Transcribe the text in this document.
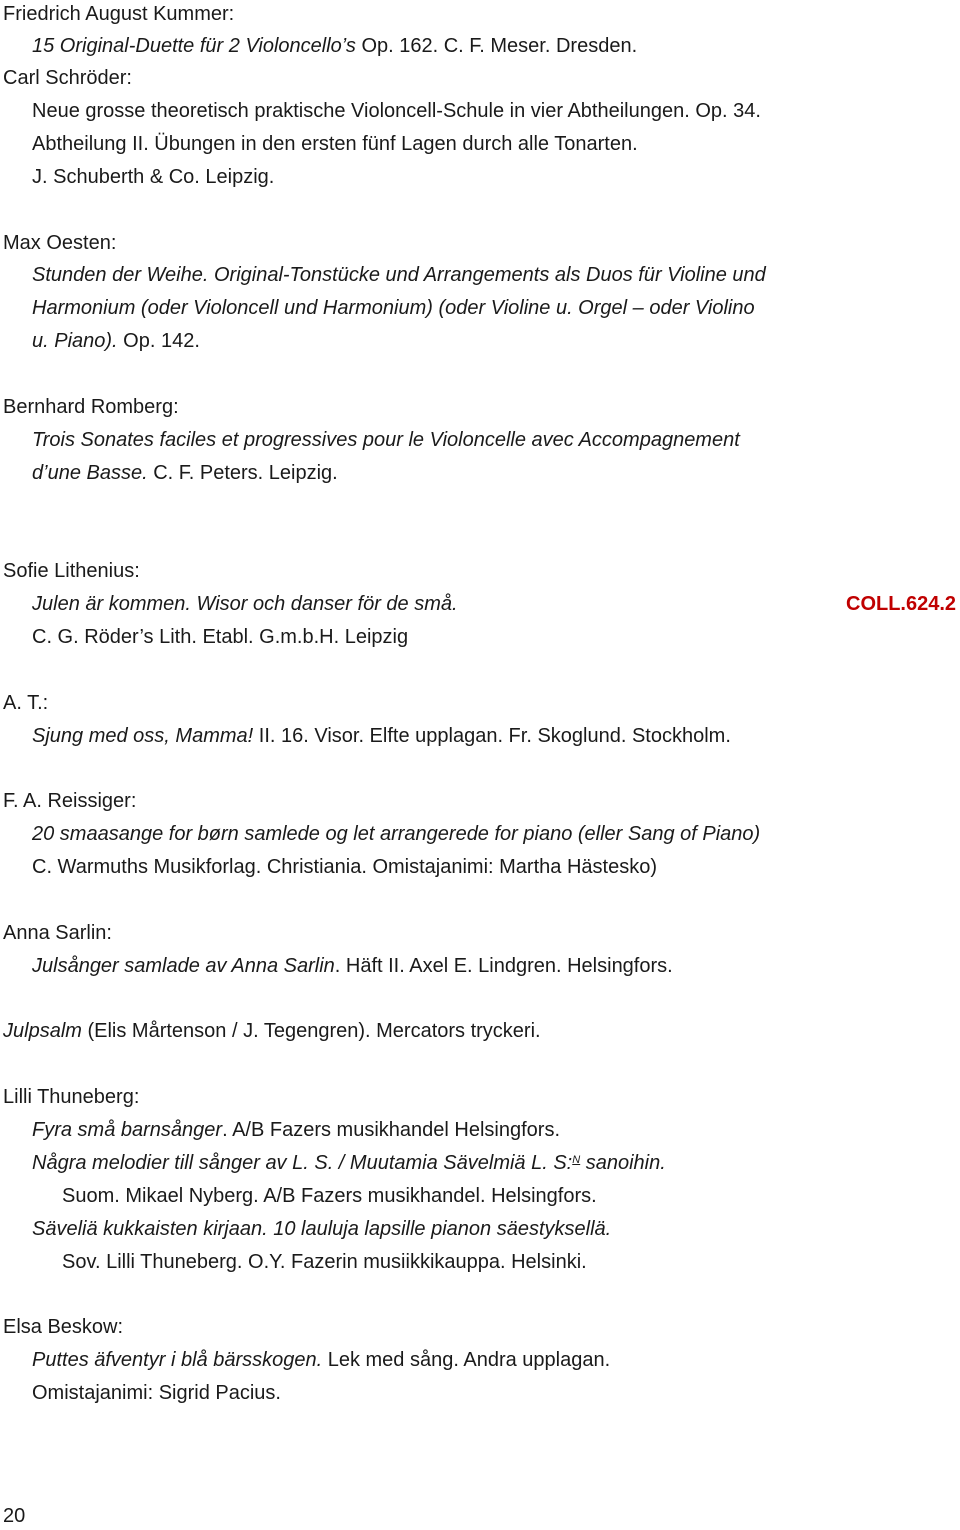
Friedrich August Kummer:
15 Original-Duette für 2 Violoncello’s Op. 162. C. F. Meser. Dresden.
Carl Schröder:
Neue grosse theoretisch praktische Violoncell-Schule in vier Abtheilungen. Op. 34.
Abtheilung II. Übungen in den ersten fünf Lagen durch alle Tonarten.
J. Schuberth & Co. Leipzig.
Max Oesten:
Stunden der Weihe. Original-Tonstücke und Arrangements als Duos für Violine und
Harmonium (oder Violoncell und Harmonium) (oder Violine u. Orgel – oder Violino
u. Piano). Op. 142.
Bernhard Romberg:
Trois Sonates faciles et progressives pour le Violoncelle avec Accompagnement
d’une Basse. C. F. Peters. Leipzig.
Sofie Lithenius:
Julen är kommen. Wisor och danser för de små.	COLL.624.2
C. G. Röder’s Lith. Etabl. G.m.b.H. Leipzig
A. T.:
Sjung med oss, Mamma! II. 16. Visor. Elfte upplagan. Fr. Skoglund. Stockholm.
F. A. Reissiger:
20 smaasange for børn samlede og let arrangerede for piano (eller Sang of Piano)
C. Warmuths Musikforlag. Christiania. Omistajanimi: Martha Hästesko)
Anna Sarlin:
Julsånger samlade av Anna Sarlin. Häft II. Axel E. Lindgren. Helsingfors.
Julpsalm (Elis Mårtenson / J. Tegengren). Mercators tryckeri.
Lilli Thuneberg:
Fyra små barnsånger. A/B Fazers musikhandel Helsingfors.
Några melodier till sånger av L. S. / Muutamia Sävelmiä L. S:$^N$ sanoihin.
Suom. Mikael Nyberg. A/B Fazers musikhandel. Helsingfors.
Säveliä kukkaisten kirjaan. 10 lauluja lapsille pianon säestyksellä.
Sov. Lilli Thuneberg. O.Y. Fazerin musiikkikauppa. Helsinki.
Elsa Beskow:
Puttes äfventyr i blå bärsskogen. Lek med sång. Andra upplagan.
Omistajanimi: Sigrid Pacius.
20
